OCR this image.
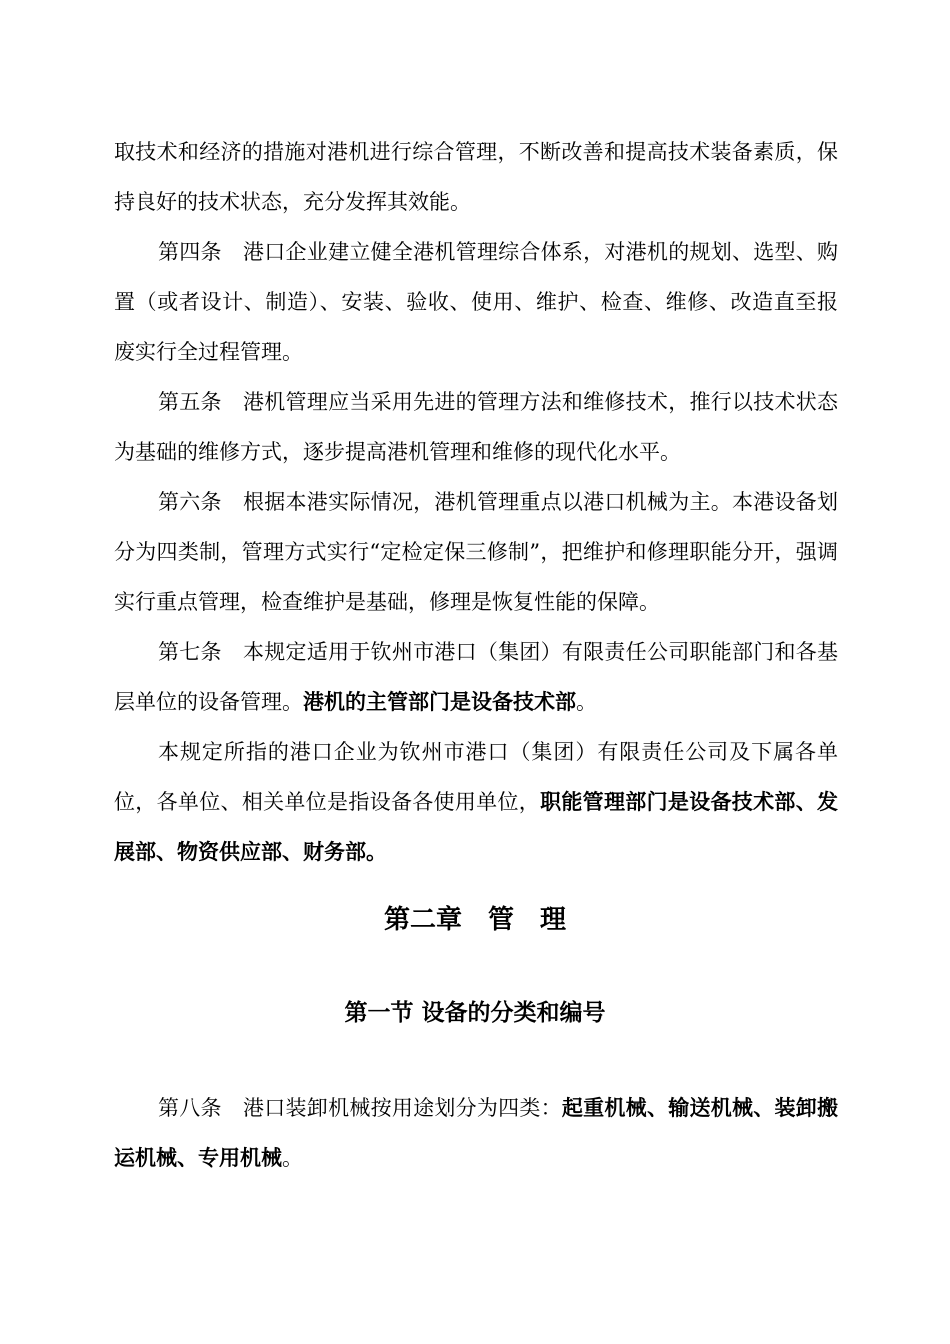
取技术和经济的措施对港机进行综合管理，不断改善和提高技术装备素质，保持良好的技术状态，充分发挥其效能。

第四条　港口企业建立健全港机管理综合体系，对港机的规划、选型、购置（或者设计、制造）、安装、验收、使用、维护、检查、维修、改造直至报废实行全过程管理。

第五条　港机管理应当采用先进的管理方法和维修技术，推行以技术状态为基础的维修方式，逐步提高港机管理和维修的现代化水平。

第六条　根据本港实际情况，港机管理重点以港口机械为主。本港设备划分为四类制，管理方式实行“定检定保三修制”，把维护和修理职能分开，强调实行重点管理，检查维护是基础，修理是恢复性能的保障。

第七条　本规定适用于钦州市港口（集团）有限责任公司职能部门和各基层单位的设备管理。港机的主管部门是设备技术部。

本规定所指的港口企业为钦州市港口（集团）有限责任公司及下属各单位，各单位、相关单位是指设备各使用单位，职能管理部门是设备技术部、发展部、物资供应部、财务部。

第二章　管　理
第一节 设备的分类和编号

第八条　港口装卸机械按用途划分为四类：起重机械、输送机械、装卸搬运机械、专用机械。
